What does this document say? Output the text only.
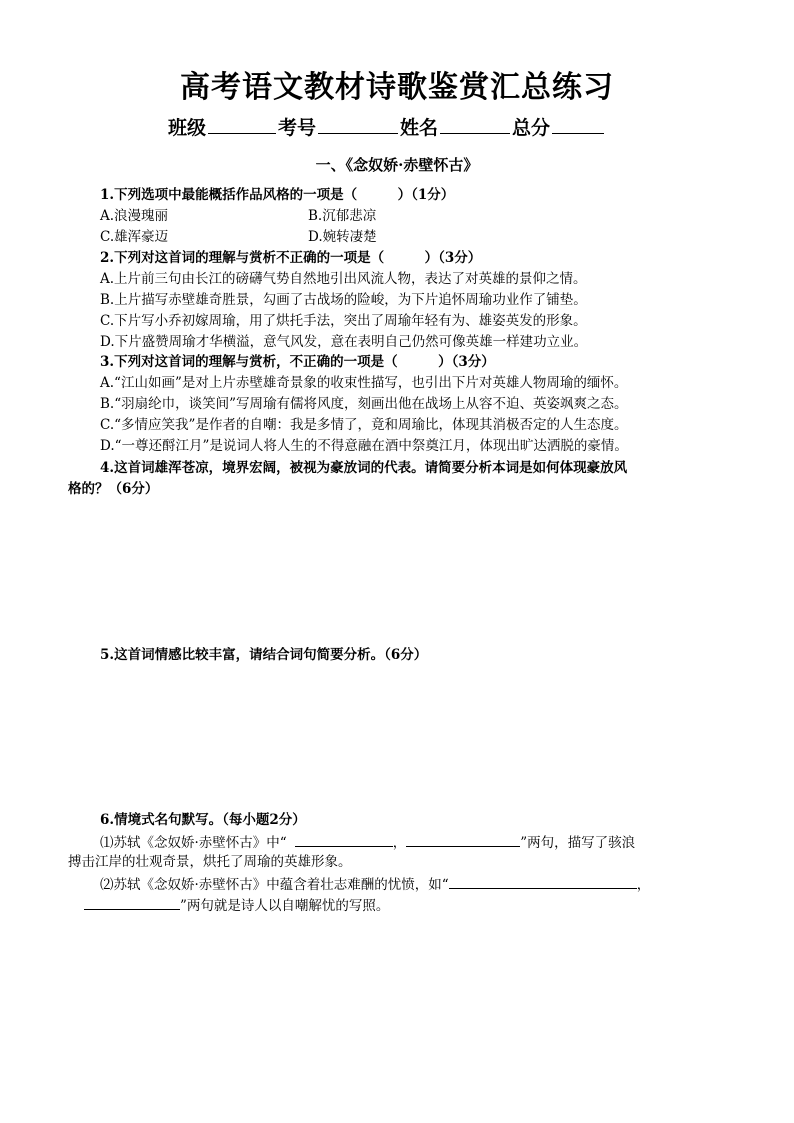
高考语文教材诗歌鉴赏汇总练习
班级	考号	姓名	总分
一、《念奴娇·赤壁怀古》
1.下列选项中最能概括作品风格的一项是（　　　）（1分）
A.浪漫瑰丽	B.沉郁悲凉
C.雄浑豪迈	D.婉转凄楚
2.下列对这首词的理解与赏析不正确的一项是（　　　）（3分）
A.上片前三句由长江的磅礴气势自然地引出风流人物，表达了对英雄的景仰之情。
B.上片描写赤壁雄奇胜景，勾画了古战场的险峻，为下片追怀周瑜功业作了铺垫。
C.下片写小乔初嫁周瑜，用了烘托手法，突出了周瑜年轻有为、雄姿英发的形象。
D.下片盛赞周瑜才华横溢，意气风发，意在表明自己仍然可像英雄一样建功立业。
3.下列对这首词的理解与赏析，不正确的一项是（　　　）（3分）
A.“江山如画”是对上片赤壁雄奇景象的收束性描写，也引出下片对英雄人物周瑜的缅怀。
B.“羽扇纶巾，谈笑间”写周瑜有儒将风度，刻画出他在战场上从容不迫、英姿飒爽之态。
C.“多情应笑我”是作者的自嘲：我是多情了，竟和周瑜比，体现其消极否定的人生态度。
D.“一尊还酹江月”是说词人将人生的不得意融在酒中祭奠江月，体现出旷达洒脱的豪情。
4.这首词雄浑苍凉，境界宏阔，被视为豪放词的代表。请简要分析本词是如何体现豪放风
格的？（6分）
5.这首词情感比较丰富，请结合词句简要分析。（6分）
6.情境式名句默写。（每小题2分）
⑴苏轼《念奴娇·赤壁怀古》中“	，	”两句，描写了骇浪
搏击江岸的壮观奇景，烘托了周瑜的英雄形象。
⑵苏轼《念奴娇·赤壁怀古》中蕴含着壮志难酬的忧愤，如“	，
”两句就是诗人以自嘲解忧的写照。
